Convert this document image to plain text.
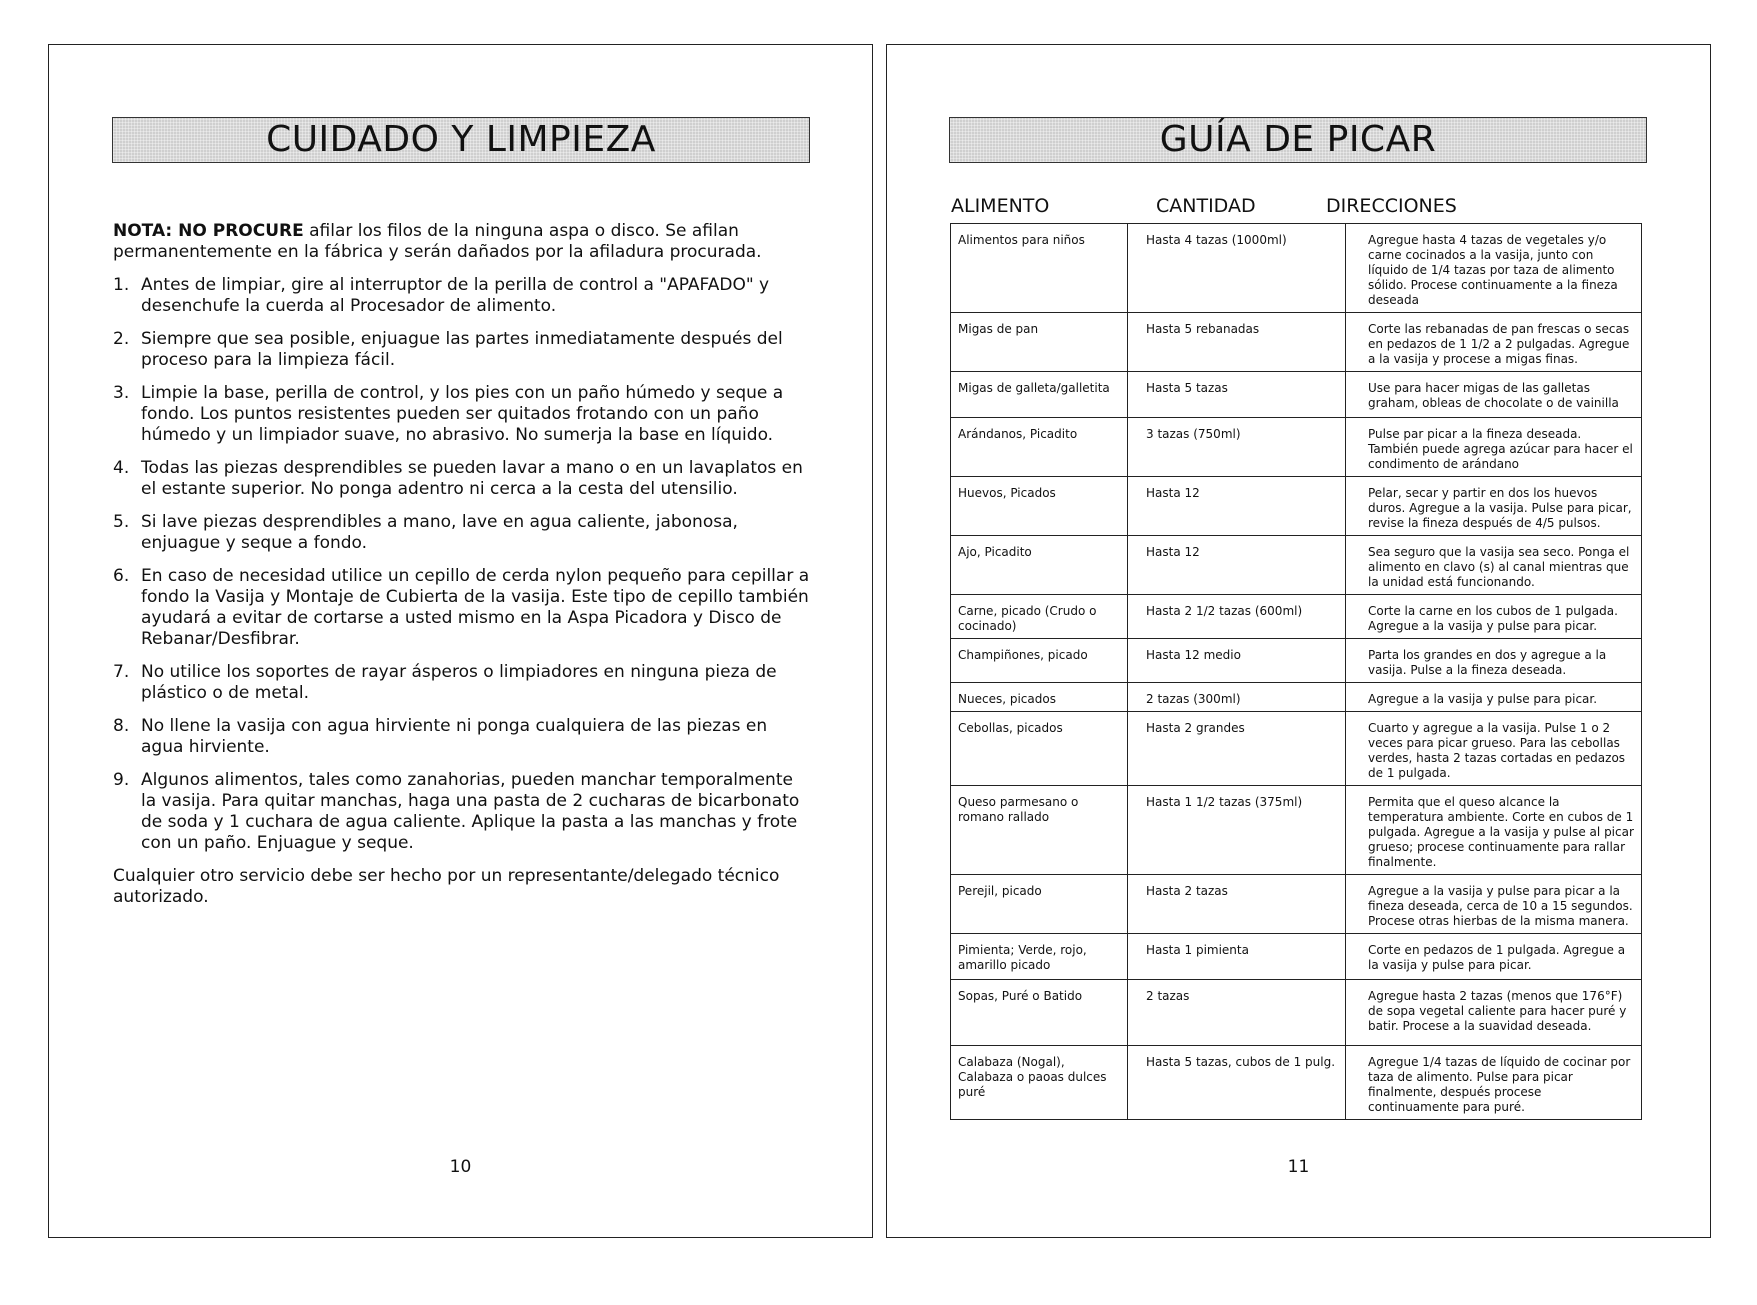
CUIDADO Y LIMPIEZA

NOTA: NO PROCURE afilar los filos de la ninguna aspa o disco. Se afilan permanentemente en la fábrica y serán dañados por la afiladura procurada.

1. Antes de limpiar, gire al interruptor de la perilla de control a "APAFADO" y desenchufe la cuerda al Procesador de alimento.
2. Siempre que sea posible, enjuague las partes inmediatamente después del proceso para la limpieza fácil.
3. Limpie la base, perilla de control, y los pies con un paño húmedo y seque a fondo. Los puntos resistentes pueden ser quitados frotando con un paño húmedo y un limpiador suave, no abrasivo. No sumerja la base en líquido.
4. Todas las piezas desprendibles se pueden lavar a mano o en un lavaplatos en el estante superior. No ponga adentro ni cerca a la cesta del utensilio.
5. Si lave piezas desprendibles a mano, lave en agua caliente, jabonosa, enjuague y seque a fondo.
6. En caso de necesidad utilice un cepillo de cerda nylon pequeño para cepillar a fondo la Vasija y Montaje de Cubierta de la vasija. Este tipo de cepillo también ayudará a evitar de cortarse a usted mismo en la Aspa Picadora y Disco de Rebanar/Desfibrar.
7. No utilice los soportes de rayar ásperos o limpiadores en ninguna pieza de plástico o de metal.
8. No llene la vasija con agua hirviente ni ponga cualquiera de las piezas en agua hirviente.
9. Algunos alimentos, tales como zanahorias, pueden manchar temporalmente la vasija. Para quitar manchas, haga una pasta de 2 cucharas de bicarbonato de soda y 1 cuchara de agua caliente. Aplique la pasta a las manchas y frote con un paño. Enjuague y seque.

Cualquier otro servicio debe ser hecho por un representante/delegado técnico autorizado.

10
GUÍA DE PICAR
ALIMENTO	CANTIDAD	DIRECCIONES
Alimentos para niños	Hasta 4 tazas (1000ml)	Agregue hasta 4 tazas de vegetales y/o carne cocinados a la vasija, junto con líquido de 1/4 tazas por taza de alimento sólido. Procese continuamente a la fineza deseada
Migas de pan	Hasta 5 rebanadas	Corte las rebanadas de pan frescas o secas en pedazos de 1 1/2 a 2 pulgadas. Agregue a la vasija y procese a migas finas.
Migas de galleta/galletita	Hasta 5 tazas	Use para hacer migas de las galletas graham, obleas de chocolate o de vainilla
Arándanos, Picadito	3 tazas (750ml)	Pulse par picar a la fineza deseada. También puede agrega azúcar para hacer el condimento de arándano
Huevos, Picados	Hasta 12	Pelar, secar y partir en dos los huevos duros. Agregue a la vasija. Pulse para picar, revise la fineza después de 4/5 pulsos.
Ajo, Picadito	Hasta 12	Sea seguro que la vasija sea seco. Ponga el alimento en clavo (s) al canal mientras que la unidad está funcionando.
Carne, picado (Crudo o cocinado)	Hasta 2 1/2 tazas (600ml)	Corte la carne en los cubos de 1 pulgada. Agregue a la vasija y pulse para picar.
Champiñones, picado	Hasta 12 medio	Parta los grandes en dos y agregue a la vasija. Pulse a la fineza deseada.
Nueces, picados	2 tazas (300ml)	Agregue a la vasija y pulse para picar.
Cebollas, picados	Hasta 2 grandes	Cuarto y agregue a la vasija. Pulse 1 o 2 veces para picar grueso. Para las cebollas verdes, hasta 2 tazas cortadas en pedazos de 1 pulgada.
Queso parmesano o romano rallado	Hasta 1 1/2 tazas (375ml)	Permita que el queso alcance la temperatura ambiente. Corte en cubos de 1 pulgada. Agregue a la vasija y pulse al picar grueso; procese continuamente para rallar finalmente.
Perejil, picado	Hasta 2 tazas	Agregue a la vasija y pulse para picar a la fineza deseada, cerca de 10 a 15 segundos. Procese otras hierbas de la misma manera.
Pimienta; Verde, rojo, amarillo picado	Hasta 1 pimienta	Corte en pedazos de 1 pulgada. Agregue a la vasija y pulse para picar.
Sopas, Puré o Batido	2 tazas	Agregue hasta 2 tazas (menos que 176°F) de sopa vegetal caliente para hacer puré y batir. Procese a la suavidad deseada.
Calabaza (Nogal), Calabaza o paoas dulces puré	Hasta 5 tazas, cubos de 1 pulg.	Agregue 1/4 tazas de líquido de cocinar por taza de alimento. Pulse para picar finalmente, después procese continuamente para puré.
11
